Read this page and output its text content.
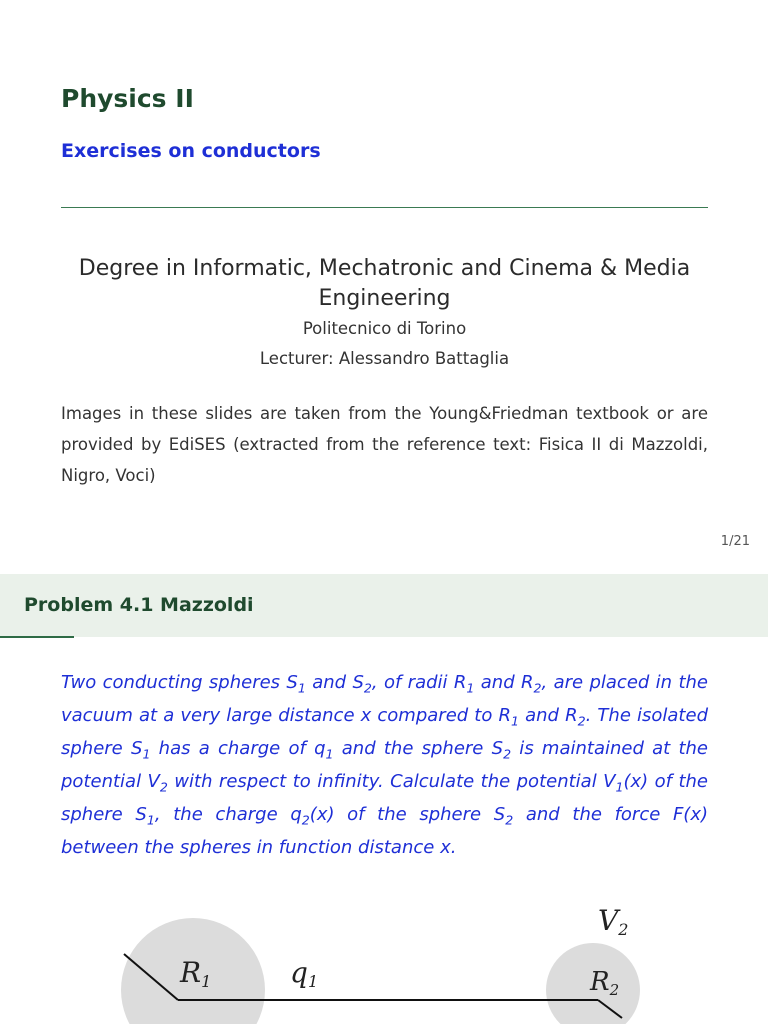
Physics II
Exercises on conductors
Degree in Informatic, Mechatronic and Cinema & Media Engineering
Politecnico di Torino
Lecturer: Alessandro Battaglia
Images in these slides are taken from the Young&Friedman textbook or are provided by EdiSES (extracted from the reference text: Fisica II di Mazzoldi, Nigro, Voci)
1/21
Problem 4.1 Mazzoldi
Two conducting spheres $S_1$ and $S_2$, of radii $R_1$ and $R_2$, are placed in the vacuum at a very large distance x compared to $R_1$ and $R_2$. The isolated sphere $S_1$ has a charge of $q_1$ and the sphere $S_2$ is maintained at the potential $V_2$ with respect to infinity. Calculate the potential $V_1(x)$ of the sphere $S_1$, the charge $q_2(x)$ of the sphere $S_2$ and the force F(x) between the spheres in function distance x.
R1	q1
V2
R2
